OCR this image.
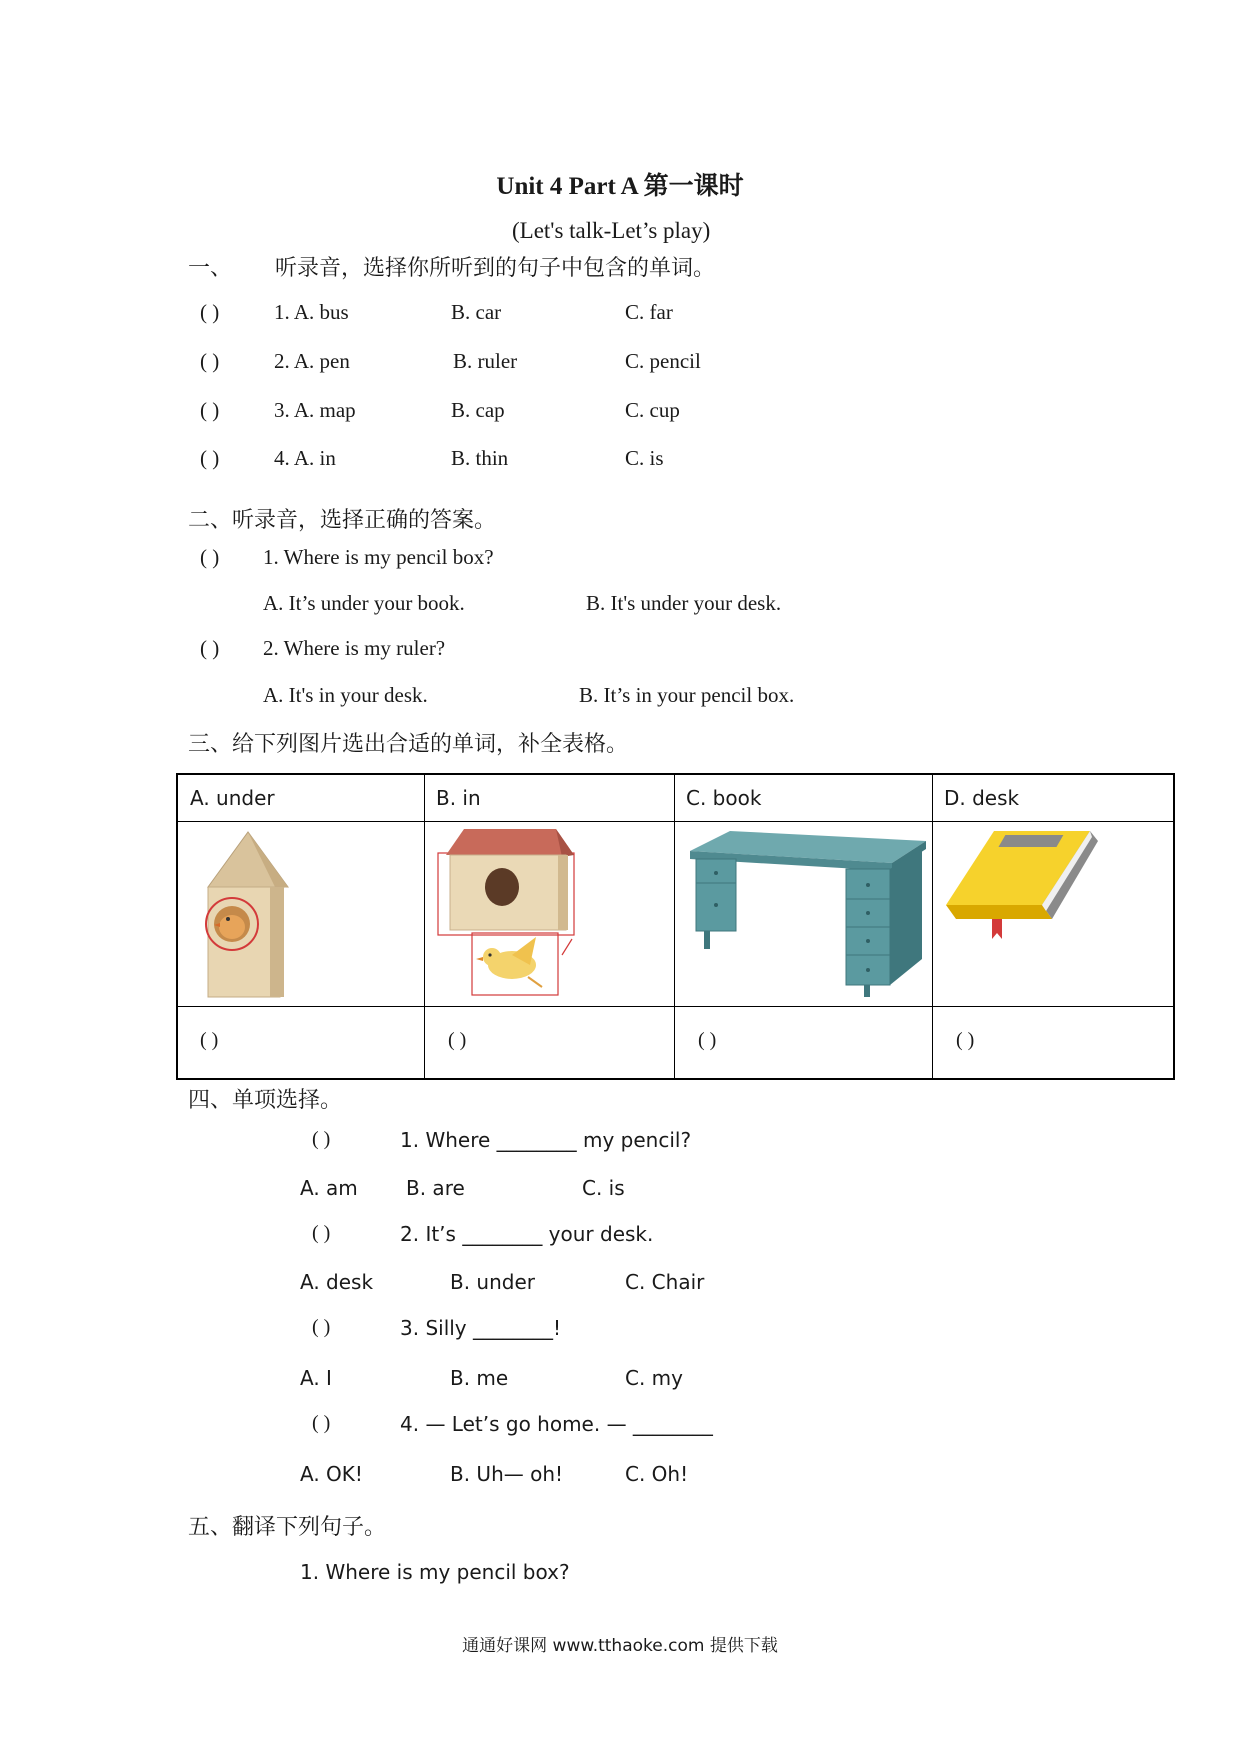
Unit 4 Part A 第一课时
(Let's talk-Let’s play)
一、 听录音，选择你所听到的句子中包含的单词。
( )	1. A. bus	B. car	C. far
( )	2. A. pen	B. ruler	C. pencil
( )	3. A. map	B. cap	C. cup
( )	4. A. in	B. thin	C. is
二、听录音，选择正确的答案。
( ) 1. Where is my pencil box?
A. It’s under your book.	B. It's under your desk.
( ) 2. Where is my ruler?
A. It's in your desk.	B. It’s in your pencil box.
三、给下列图片选出合适的单词，补全表格。
A. under	B. in	C. book	D. desk
( )	( )	( )	( )
四、单项选择。
( )	1. Where ________ my pencil?
A. am B. are	C. is
( )	2. It’s ________ your desk.
A. desk	B. under	C. Chair
( )	3. Silly ________!
A. I	B. me	C. my
( )	4. — Let’s go home. — ________
A. OK!	B. Uh— oh!	C. Oh!
五、翻译下列句子。
1. Where is my pencil box?
通通好课网 www.tthaoke.com 提供下载
